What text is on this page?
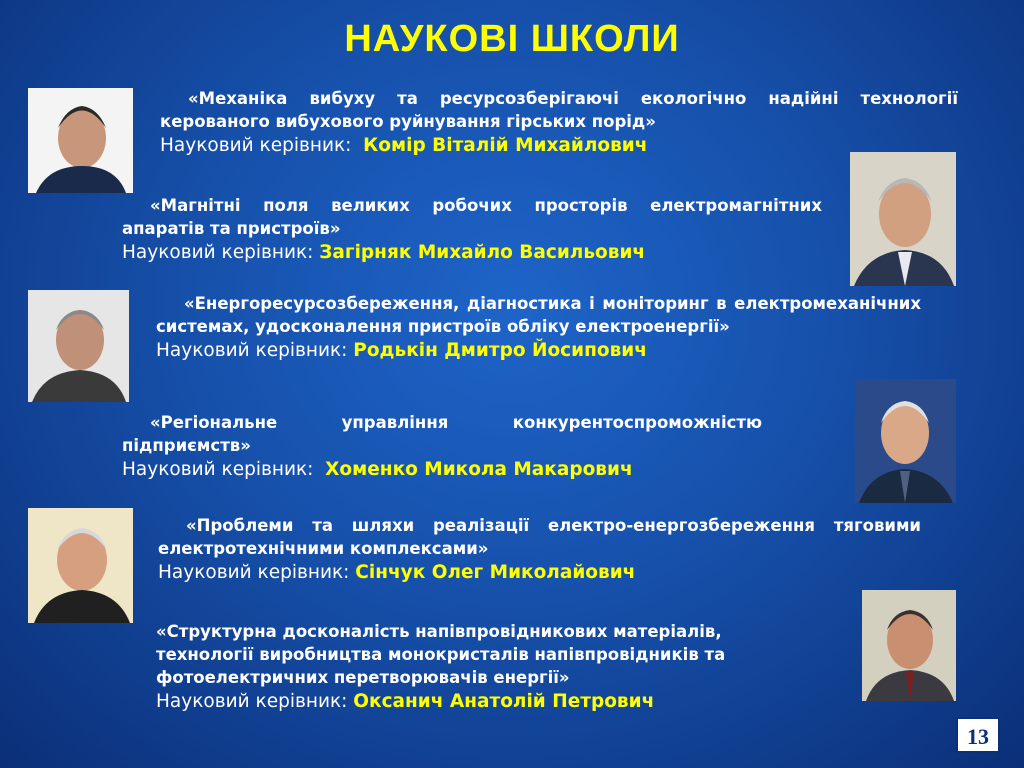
НАУКОВІ ШКОЛИ
«Механіка вибуху та ресурсозберігаючі екологічно надійні технології керованого вибухового руйнування гірських порід»
Науковий керівник: Комір Віталій Михайлович
«Магнітні поля великих робочих просторів електромагнітних апаратів та пристроїв»
Науковий керівник: Загірняк Михайло Васильович
«Енергоресурсозбереження, діагностика і моніторинг в електромеханічних системах, удосконалення пристроїв обліку електроенергії»
Науковий керівник: Родькін Дмитро Йосипович
«Регіональне управління конкурентоспроможністю підприємств»
Науковий керівник: Хоменко Микола Макарович
«Проблеми та шляхи реалізації електро-енергозбереження тяговими електротехнічними комплексами»
Науковий керівник: Сінчук Олег Миколайович
«Структурна досконалість напівпровідникових матеріалів, технології виробництва монокристалів напівпровідників та фотоелектричних перетворювачів енергії»
Науковий керівник: Оксанич Анатолій Петрович
13
